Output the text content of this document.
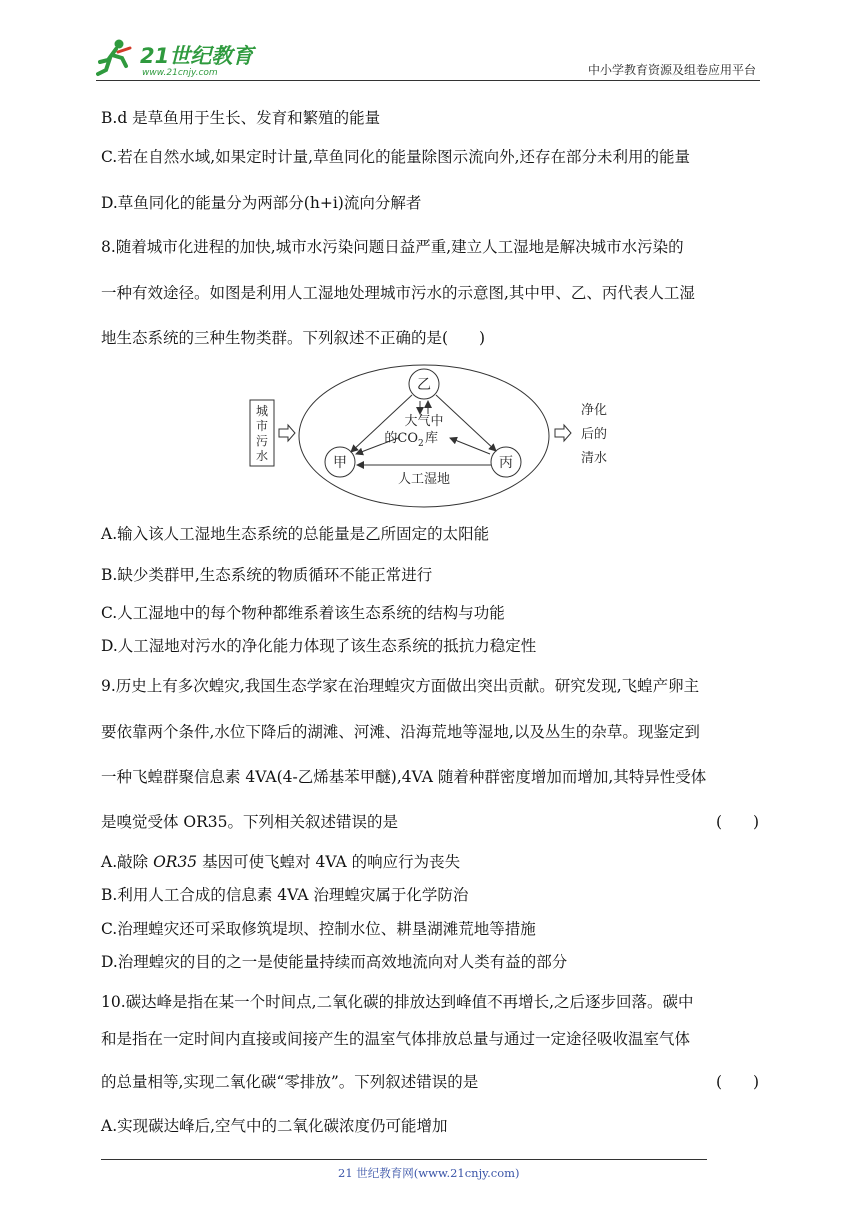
21世纪教育
www.21cnjy.com	中小学教育资源及组卷应用平台
B.d 是草鱼用于生长、发育和繁殖的能量
C.若在自然水域,如果定时计量,草鱼同化的能量除图示流向外,还存在部分未利用的能量
D.草鱼同化的能量分为两部分(h+i)流向分解者
8.随着城市化进程的加快,城市水污染问题日益严重,建立人工湿地是解决城市水污染的
一种有效途径。如图是利用人工湿地处理城市污水的示意图,其中甲、乙、丙代表人工湿
地生态系统的三种生物类群。下列叙述不正确的是(　　)
城
市
污
水
乙
甲	丙
大气中
的CO 2 库
人工湿地
净化
后的
清水
A.输入该人工湿地生态系统的总能量是乙所固定的太阳能
B.缺少类群甲,生态系统的物质循环不能正常进行
C.人工湿地中的每个物种都维系着该生态系统的结构与功能
D.人工湿地对污水的净化能力体现了该生态系统的抵抗力稳定性
9.历史上有多次蝗灾,我国生态学家在治理蝗灾方面做出突出贡献。研究发现,飞蝗产卵主
要依靠两个条件,水位下降后的湖滩、河滩、沿海荒地等湿地,以及丛生的杂草。现鉴定到
一种飞蝗群聚信息素 4VA(4-乙烯基苯甲醚),4VA 随着种群密度增加而增加,其特异性受体
是嗅觉受体 OR35。下列相关叙述错误的是	(　　)
A.敲除 OR35 基因可使飞蝗对 4VA 的响应行为丧失
B.利用人工合成的信息素 4VA 治理蝗灾属于化学防治
C.治理蝗灾还可采取修筑堤坝、控制水位、耕垦湖滩荒地等措施
D.治理蝗灾的目的之一是使能量持续而高效地流向对人类有益的部分
10.碳达峰是指在某一个时间点,二氧化碳的排放达到峰值不再增长,之后逐步回落。碳中
和是指在一定时间内直接或间接产生的温室气体排放总量与通过一定途径吸收温室气体
的总量相等,实现二氧化碳“零排放”。下列叙述错误的是	(　　)
A.实现碳达峰后,空气中的二氧化碳浓度仍可能增加
21 世纪教育网(www.21cnjy.com)
